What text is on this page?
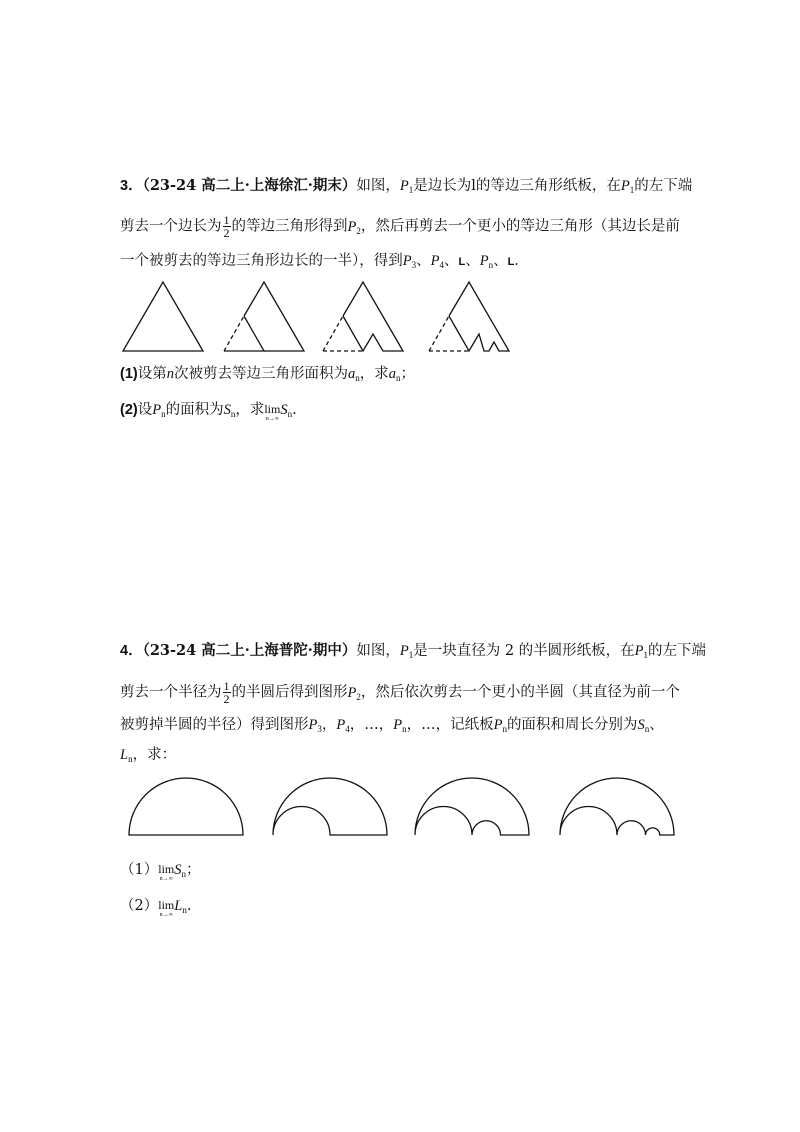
3．（23-24 高二上·上海徐汇·期末）如图，$P_1$是边长为l的等边三角形纸板，在$P_1$的左下端
剪去一个边长为 $\frac{1}{2}$ 的等边三角形得到$P_2$，然后再剪去一个更小的等边三角形（其边长是前
一个被剪去的等边三角形边长的一半），得到$P_3$、$P_4$、L、$P_n$、L．
(1)设第n次被剪去等边三角形面积为$a_n$，求$a_n$；
(2)设$P_n$的面积为$S_n$，求 lim
n→∞
$S_n$.
4．（23-24 高二上·上海普陀·期中）如图，$P_1$是一块直径为 2 的半圆形纸板，在$P_1$的左下端
剪去一个半径为 $\frac{1}{2}$ 的半圆后得到图形$P_2$，然后依次剪去一个更小的半圆（其直径为前一个
被剪掉半圆的半径）得到图形$P_3$，$P_4$，…，$P_n$，…，记纸板$P_n$的面积和周长分别为$S_n$、
$L_n$，求：
（1） lim
n→∞
$S_n$；
（2） lim
n→∞
$L_n$.
